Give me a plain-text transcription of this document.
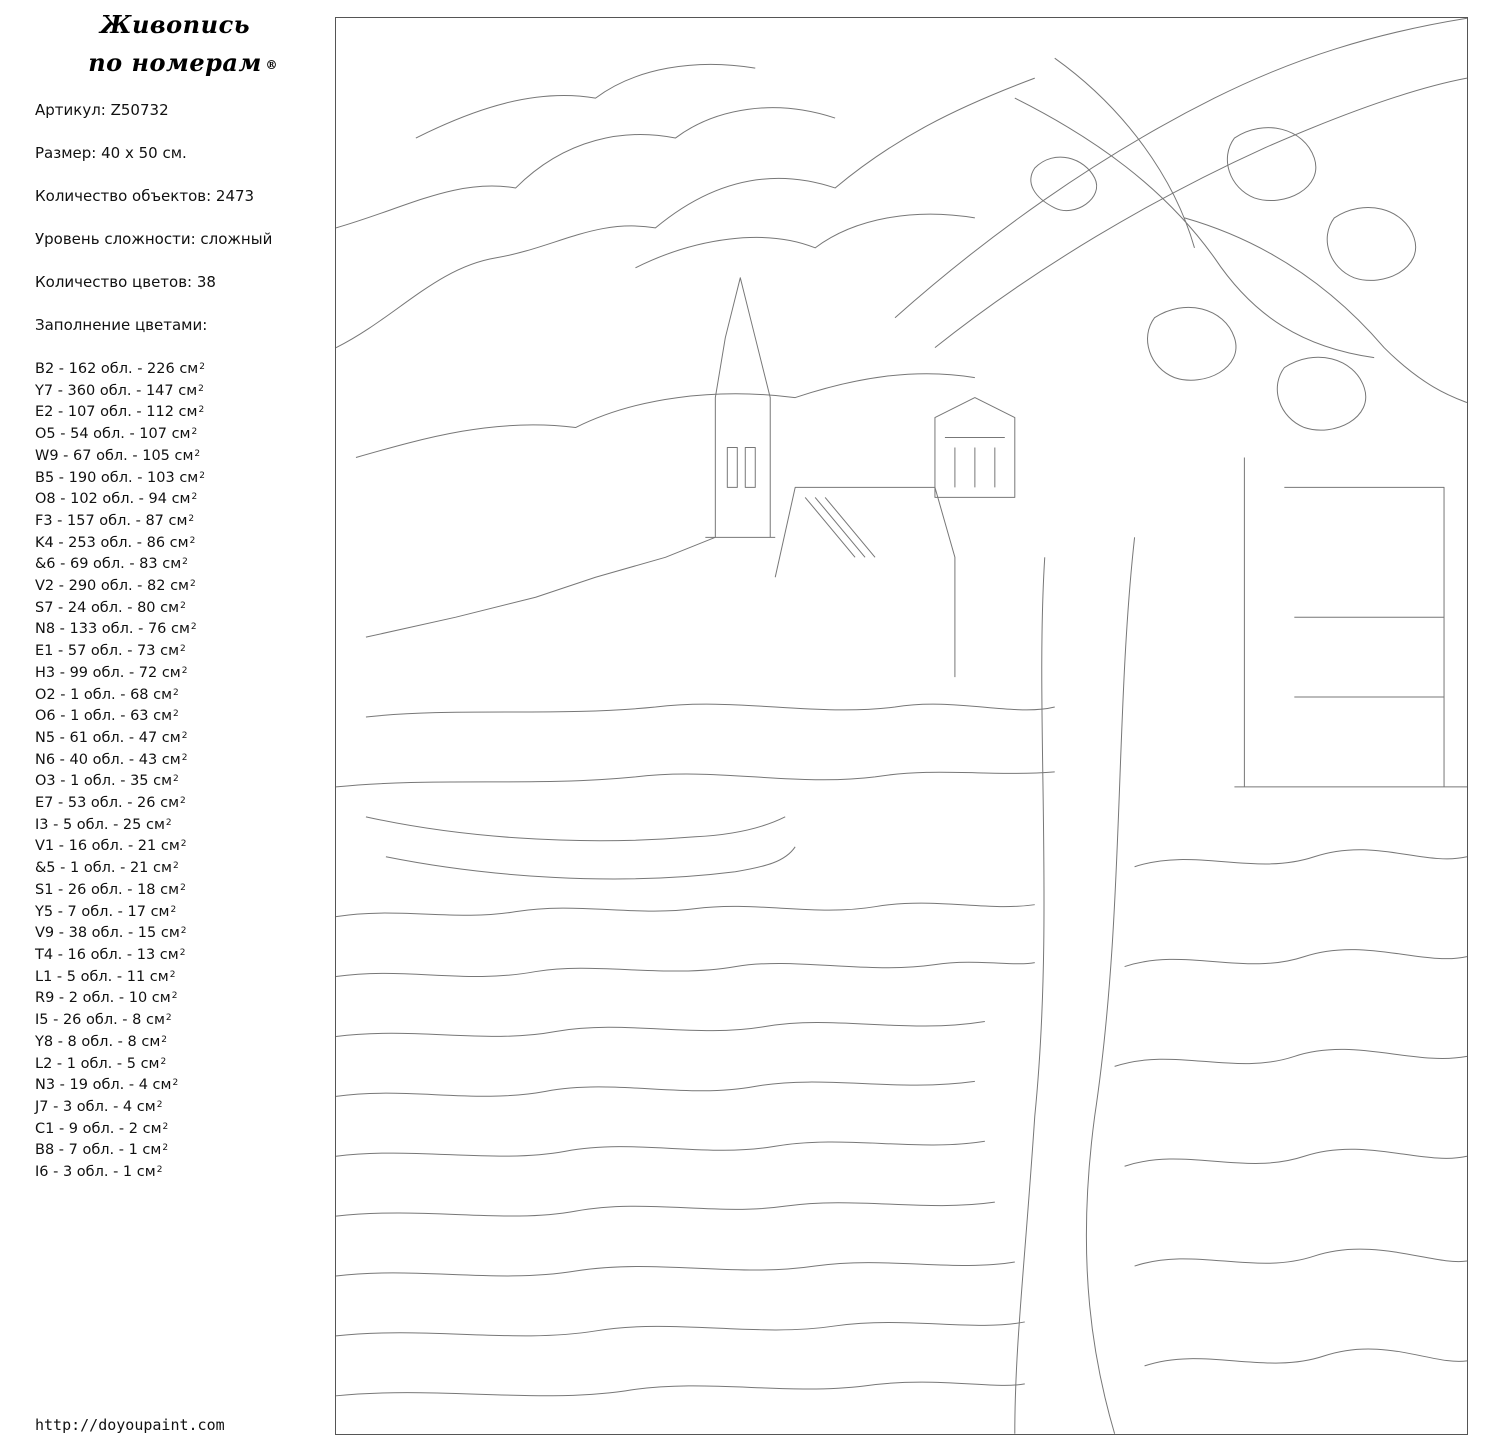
Живопись
по номерам ®
Артикул: Z50732
Размер: 40 х 50 см.
Количество объектов: 2473
Уровень сложности: сложный
Количество цветов: 38
Заполнение цветами:
B2 - 162 обл. - 226 $см^2$
Y7 - 360 обл. - 147 $см^2$
E2 - 107 обл. - 112 $см^2$
O5 - 54 обл. - 107 $см^2$
W9 - 67 обл. - 105 $см^2$
B5 - 190 обл. - 103 $см^2$
O8 - 102 обл. - 94 $см^2$
F3 - 157 обл. - 87 $см^2$
K4 - 253 обл. - 86 $см^2$
&6 - 69 обл. - 83 $см^2$
V2 - 290 обл. - 82 $см^2$
S7 - 24 обл. - 80 $см^2$
N8 - 133 обл. - 76 $см^2$
E1 - 57 обл. - 73 $см^2$
H3 - 99 обл. - 72 $см^2$
O2 - 1 обл. - 68 $см^2$
O6 - 1 обл. - 63 $см^2$
N5 - 61 обл. - 47 $см^2$
N6 - 40 обл. - 43 $см^2$
O3 - 1 обл. - 35 $см^2$
E7 - 53 обл. - 26 $см^2$
I3 - 5 обл. - 25 $см^2$
V1 - 16 обл. - 21 $см^2$
&5 - 1 обл. - 21 $см^2$
S1 - 26 обл. - 18 $см^2$
Y5 - 7 обл. - 17 $см^2$
V9 - 38 обл. - 15 $см^2$
T4 - 16 обл. - 13 $см^2$
L1 - 5 обл. - 11 $см^2$
R9 - 2 обл. - 10 $см^2$
I5 - 26 обл. - 8 $см^2$
Y8 - 8 обл. - 8 $см^2$
L2 - 1 обл. - 5 $см^2$
N3 - 19 обл. - 4 $см^2$
J7 - 3 обл. - 4 $см^2$
C1 - 9 обл. - 2 $см^2$
B8 - 7 обл. - 1 $см^2$
I6 - 3 обл. - 1 $см^2$
http://doyoupaint.com
